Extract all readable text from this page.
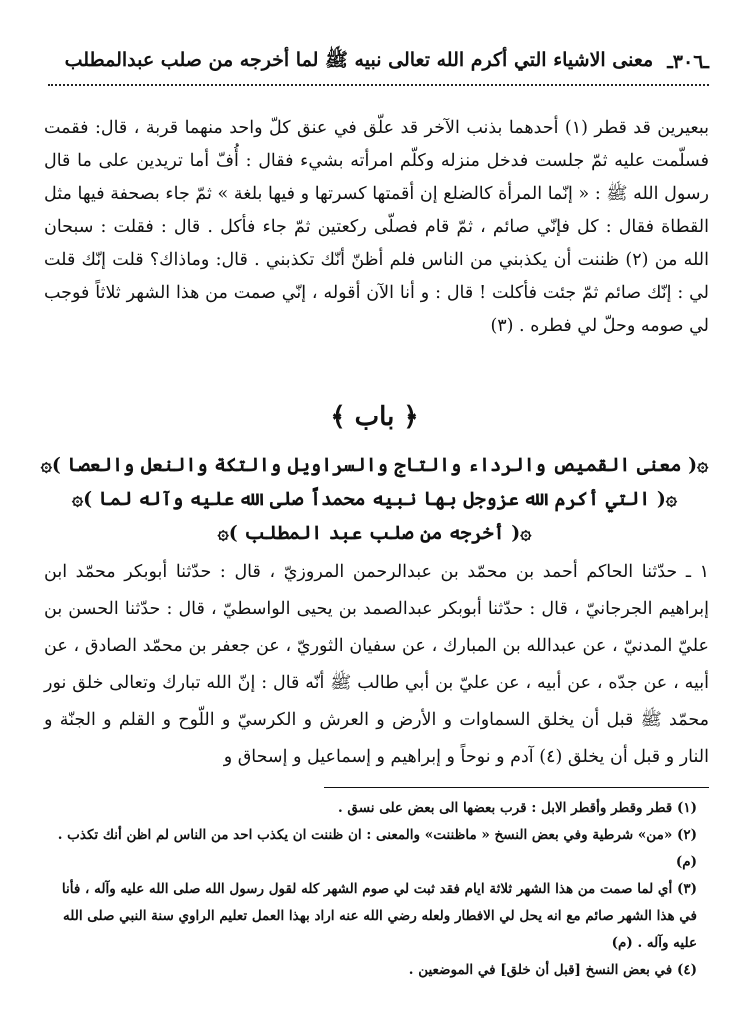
ـ٣٠٦ـ
معنى الاشياء التي أكرم الله تعالى نبيه ﷺ لما أخرجه من صلب عبدالمطلب

ببعيرين قد قطر (١) أحدهما بذنب الآخر قد علّق في عنق كلّ واحد منهما قربة ، قال: فقمت فسلّمت عليه ثمّ جلست فدخل منزله وكلّم امرأته بشيء فقال : أُفّ أما تريدين على ما قال رسول الله ﷺ : « إنّما المرأة كالضلع إن أقمتها كسرتها و فيها بلغة » ثمّ جاء بصحفة فيها مثل القطاة فقال : كل فإنّي صائم ، ثمّ قام فصلّى ركعتين ثمّ جاء فأكل . قال : فقلت : سبحان الله من (٢) ظننت أن يكذبني من الناس فلم أظنّ أنّك تكذبني . قال: وماذاك؟ قلت إنّك قلت لي : إنّك صائم ثمّ جئت فأكلت ! قال : و أنا الآن أقوله ، إنّي صمت من هذا الشهر ثلاثاً فوجب لي صومه وحلّ لي فطره . (٣)

﴿ باب ﴾
۞( معنى القميص والرداء والتاج والسراويل والتكة والنعل والعصا )۞
۞( التي أكرم الله عزوجل بها نبيه محمداً صلى الله عليه وآله لما )۞
۞( أخرجه من صلب عبد المطلب )۞

١ ـ حدّثنا الحاكم أحمد بن محمّد بن عبدالرحمن المروزيّ ، قال : حدّثنا أبوبكر محمّد ابن إبراهيم الجرجانيّ ، قال : حدّثنا أبوبكر عبدالصمد بن يحيى الواسطيّ ، قال : حدّثنا الحسن بن عليّ المدنيّ ، عن عبدالله بن المبارك ، عن سفيان الثوريّ ، عن جعفر بن محمّد الصادق ، عن أبيه ، عن جدّه ، عن أبيه ، عن عليّ بن أبي طالب ﷺ أنّه قال : إنّ الله تبارك وتعالى خلق نور محمّد ﷺ قبل أن يخلق السماوات و الأرض و العرش و الكرسيّ و اللّوح و القلم و الجنّة و النار و قبل أن يخلق (٤) آدم و نوحاً و إبراهيم و إسماعيل و إسحاق و

(١) قطر وقطر وأقطر الابل : قرب بعضها الى بعض على نسق .

(٢) «من» شرطية وفي بعض النسخ « ماظننت» والمعنى : ان ظننت ان يكذب احد من الناس لم اظن أنك تكذب . (م)

(٣) أي لما صمت من هذا الشهر ثلاثة ايام فقد ثبت لي صوم الشهر كله لقول رسول الله صلى الله عليه وآله ، فأنا في هذا الشهر صائم مع انه يحل لي الافطار ولعله رضي الله عنه اراد بهذا العمل تعليم الراوي سنة النبي صلى الله عليه وآله . (م)

(٤) في بعض النسخ [قبل أن خلق] في الموضعين .
